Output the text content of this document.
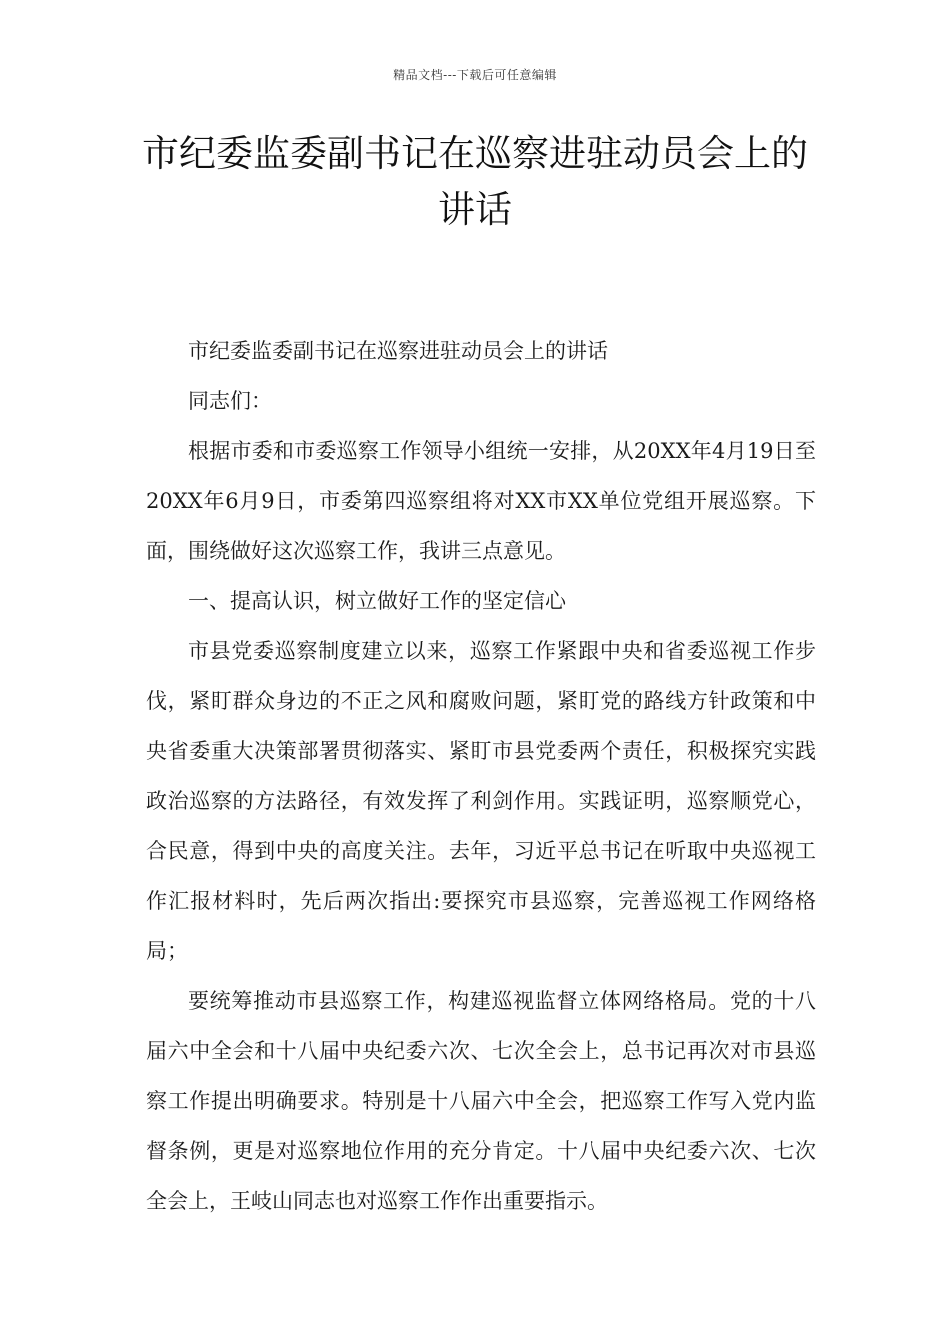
精品文档---下载后可任意编辑
市纪委监委副书记在巡察进驻动员会上的讲话

市纪委监委副书记在巡察进驻动员会上的讲话

同志们：

根据市委和市委巡察工作领导小组统一安排，从20XX年4月19日至20XX年6月9日，市委第四巡察组将对XX市XX单位党组开展巡察。下面，围绕做好这次巡察工作，我讲三点意见。

一、提高认识，树立做好工作的坚定信心

市县党委巡察制度建立以来，巡察工作紧跟中央和省委巡视工作步伐，紧盯群众身边的不正之风和腐败问题，紧盯党的路线方针政策和中央省委重大决策部署贯彻落实、紧盯市县党委两个责任，积极探究实践政治巡察的方法路径，有效发挥了利剑作用。实践证明，巡察顺党心，合民意，得到中央的高度关注。去年，习近平总书记在听取中央巡视工作汇报材料时，先后两次指出:要探究市县巡察，完善巡视工作网络格局；

要统筹推动市县巡察工作，构建巡视监督立体网络格局。党的十八届六中全会和十八届中央纪委六次、七次全会上，总书记再次对市县巡察工作提出明确要求。特别是十八届六中全会，把巡察工作写入党内监督条例，更是对巡察地位作用的充分肯定。十八届中央纪委六次、七次全会上，王岐山同志也对巡察工作作出重要指示。
